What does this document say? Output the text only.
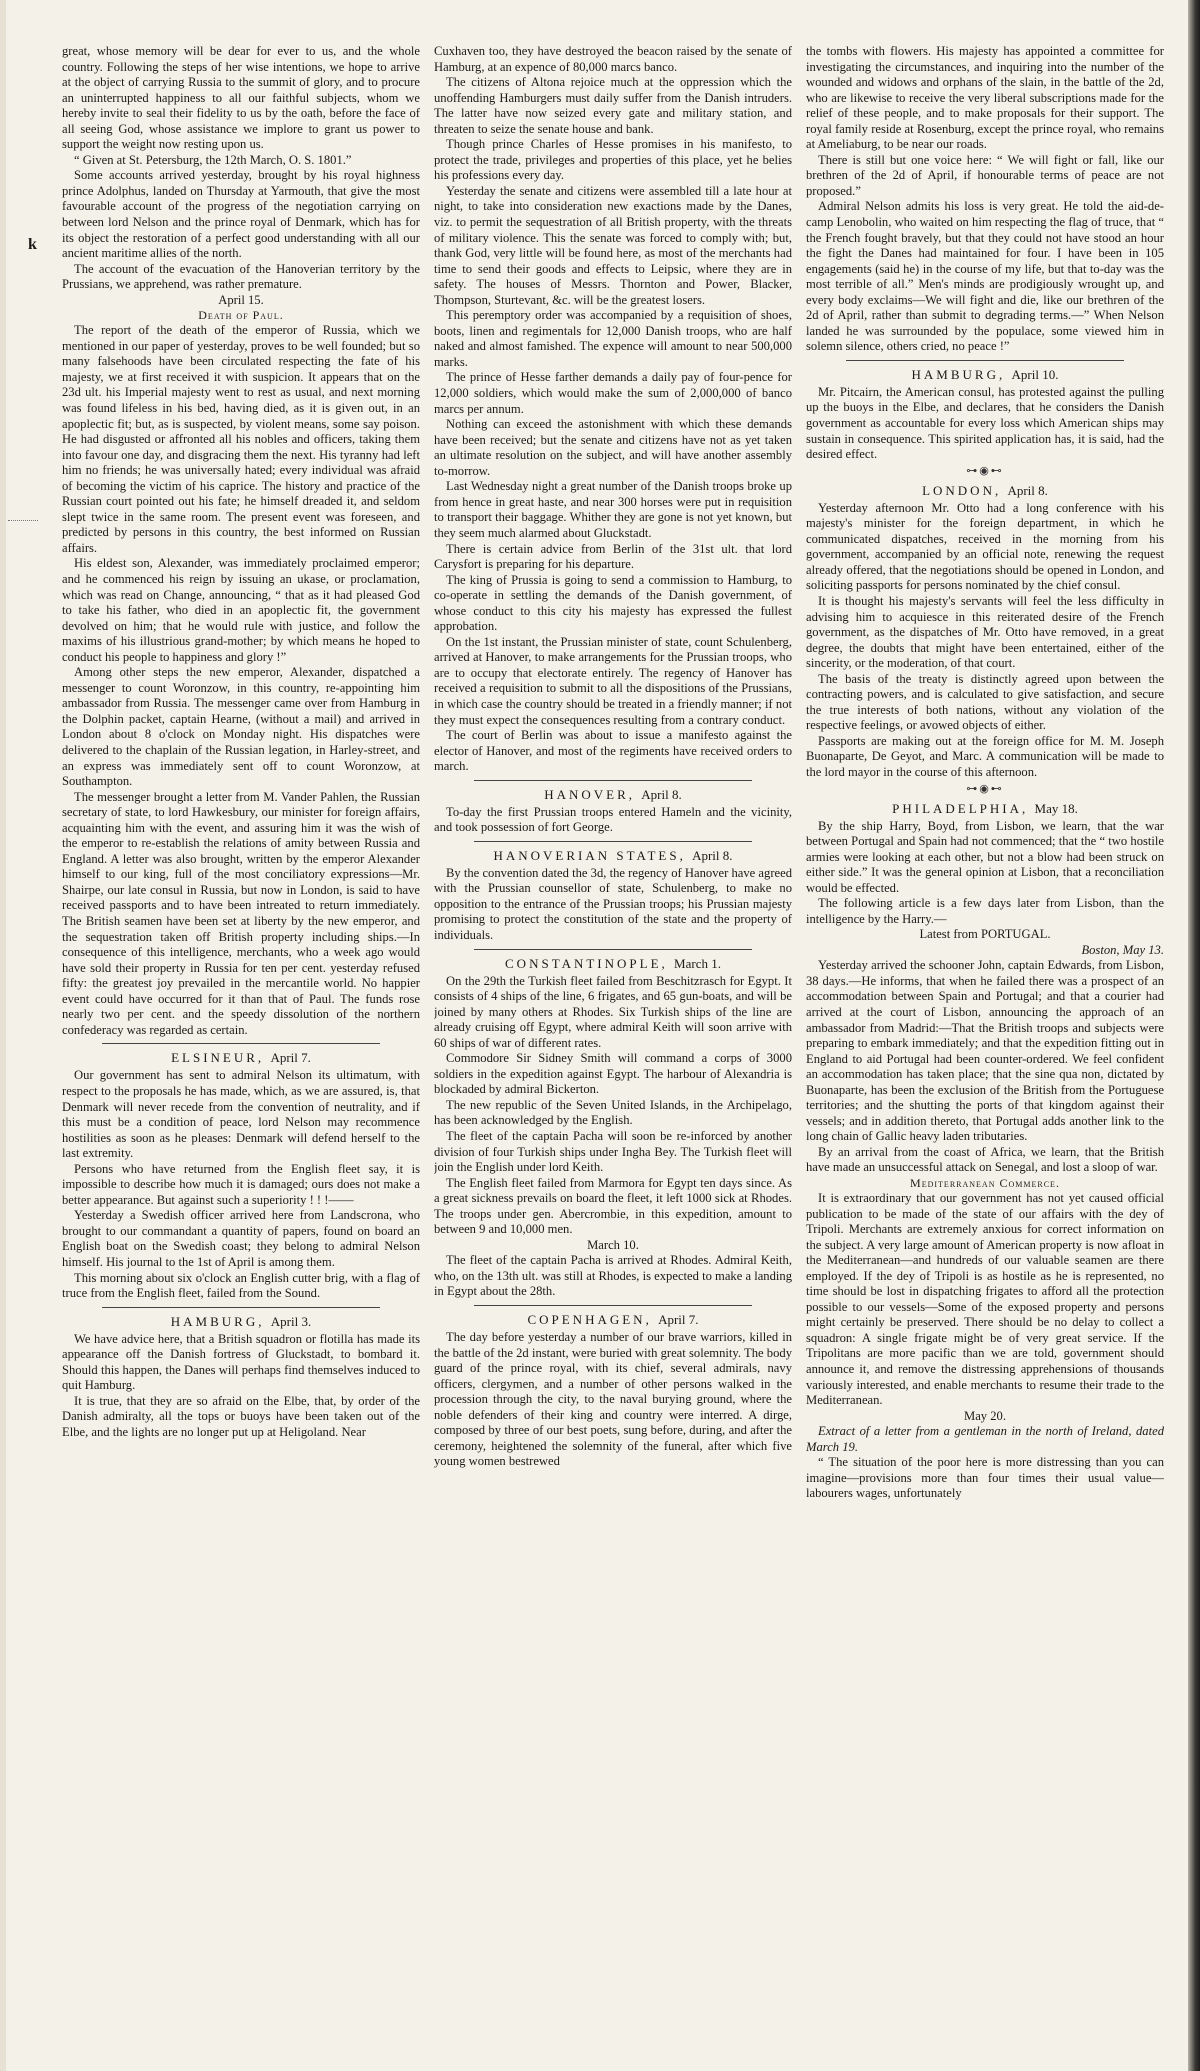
k

great, whose memory will be dear for ever to us, and the whole country. Following the steps of her wise intentions, we hope to arrive at the object of carrying Russia to the summit of glory, and to procure an uninterrupted happiness to all our faithful subjects, whom we hereby invite to seal their fidelity to us by the oath, before the face of all seeing God, whose assistance we implore to grant us power to support the weight now resting upon us.

“ Given at St. Petersburg, the 12th March, O. S. 1801.”

Some accounts arrived yesterday, brought by his royal highness prince Adolphus, landed on Thursday at Yarmouth, that give the most favourable account of the progress of the negotiation carrying on between lord Nelson and the prince royal of Denmark, which has for its object the restoration of a perfect good understanding with all our ancient maritime allies of the north.

The account of the evacuation of the Hanoverian territory by the Prussians, we apprehend, was rather premature.

April 15.
Death of Paul.

The report of the death of the emperor of Russia, which we mentioned in our paper of yesterday, proves to be well founded; but so many falsehoods have been circulated respecting the fate of his majesty, we at first received it with suspicion. It appears that on the 23d ult. his Imperial majesty went to rest as usual, and next morning was found lifeless in his bed, having died, as it is given out, in an apoplectic fit; but, as is suspected, by violent means, some say poison. He had disgusted or affronted all his nobles and officers, taking them into favour one day, and disgracing them the next. His tyranny had left him no friends; he was universally hated; every individual was afraid of becoming the victim of his caprice. The history and practice of the Russian court pointed out his fate; he himself dreaded it, and seldom slept twice in the same room. The present event was foreseen, and predicted by persons in this country, the best informed on Russian affairs.

His eldest son, Alexander, was immediately proclaimed emperor; and he commenced his reign by issuing an ukase, or proclamation, which was read on Change, announcing, “ that as it had pleased God to take his father, who died in an apoplectic fit, the government devolved on him; that he would rule with justice, and follow the maxims of his illustrious grand-mother; by which means he hoped to conduct his people to happiness and glory !”

Among other steps the new emperor, Alexander, dispatched a messenger to count Woronzow, in this country, re-appointing him ambassador from Russia. The messenger came over from Hamburg in the Dolphin packet, captain Hearne, (without a mail) and arrived in London about 8 o'clock on Monday night. His dispatches were delivered to the chaplain of the Russian legation, in Harley-street, and an express was immediately sent off to count Woronzow, at Southampton.

The messenger brought a letter from M. Vander Pahlen, the Russian secretary of state, to lord Hawkesbury, our minister for foreign affairs, acquainting him with the event, and assuring him it was the wish of the emperor to re-establish the relations of amity between Russia and England. A letter was also brought, written by the emperor Alexander himself to our king, full of the most conciliatory expressions—Mr. Shairpe, our late consul in Russia, but now in London, is said to have received passports and to have been intreated to return immediately. The British seamen have been set at liberty by the new emperor, and the sequestration taken off British property including ships.—In consequence of this intelligence, merchants, who a week ago would have sold their property in Russia for ten per cent. yesterday refused fifty: the greatest joy prevailed in the mercantile world. No happier event could have occurred for it than that of Paul. The funds rose nearly two per cent. and the speedy dissolution of the northern confederacy was regarded as certain.

ELSINEUR, April 7.

Our government has sent to admiral Nelson its ultimatum, with respect to the proposals he has made, which, as we are assured, is, that Denmark will never recede from the convention of neutrality, and if this must be a condition of peace, lord Nelson may recommence hostilities as soon as he pleases: Denmark will defend herself to the last extremity.

Persons who have returned from the English fleet say, it is impossible to describe how much it is damaged; ours does not make a better appearance. But against such a superiority ! ! !——

Yesterday a Swedish officer arrived here from Landscrona, who brought to our commandant a quantity of papers, found on board an English boat on the Swedish coast; they belong to admiral Nelson himself. His journal to the 1st of April is among them.

This morning about six o'clock an English cutter brig, with a flag of truce from the English fleet, failed from the Sound.

HAMBURG, April 3.

We have advice here, that a British squadron or flotilla has made its appearance off the Danish fortress of Gluckstadt, to bombard it. Should this happen, the Danes will perhaps find themselves induced to quit Hamburg.

It is true, that they are so afraid on the Elbe, that, by order of the Danish admiralty, all the tops or buoys have been taken out of the Elbe, and the lights are no longer put up at Heligoland. Near

Cuxhaven too, they have destroyed the beacon raised by the senate of Hamburg, at an expence of 80,000 marcs banco.

The citizens of Altona rejoice much at the oppression which the unoffending Hamburgers must daily suffer from the Danish intruders. The latter have now seized every gate and military station, and threaten to seize the senate house and bank.

Though prince Charles of Hesse promises in his manifesto, to protect the trade, privileges and properties of this place, yet he belies his professions every day.

Yesterday the senate and citizens were assembled till a late hour at night, to take into consideration new exactions made by the Danes, viz. to permit the sequestration of all British property, with the threats of military violence. This the senate was forced to comply with; but, thank God, very little will be found here, as most of the merchants had time to send their goods and effects to Leipsic, where they are in safety. The houses of Messrs. Thornton and Power, Blacker, Thompson, Sturtevant, &c. will be the greatest losers.

This peremptory order was accompanied by a requisition of shoes, boots, linen and regimentals for 12,000 Danish troops, who are half naked and almost famished. The expence will amount to near 500,000 marks.

The prince of Hesse farther demands a daily pay of four-pence for 12,000 soldiers, which would make the sum of 2,000,000 of banco marcs per annum.

Nothing can exceed the astonishment with which these demands have been received; but the senate and citizens have not as yet taken an ultimate resolution on the subject, and will have another assembly to-morrow.

Last Wednesday night a great number of the Danish troops broke up from hence in great haste, and near 300 horses were put in requisition to transport their baggage. Whither they are gone is not yet known, but they seem much alarmed about Gluckstadt.

There is certain advice from Berlin of the 31st ult. that lord Carysfort is preparing for his departure.

The king of Prussia is going to send a commission to Hamburg, to co-operate in settling the demands of the Danish government, of whose conduct to this city his majesty has expressed the fullest approbation.

On the 1st instant, the Prussian minister of state, count Schulenberg, arrived at Hanover, to make arrangements for the Prussian troops, who are to occupy that electorate entirely. The regency of Hanover has received a requisition to submit to all the dispositions of the Prussians, in which case the country should be treated in a friendly manner; if not they must expect the consequences resulting from a contrary conduct.

The court of Berlin was about to issue a manifesto against the elector of Hanover, and most of the regiments have received orders to march.

HANOVER, April 8.

To-day the first Prussian troops entered Hameln and the vicinity, and took possession of fort George.

HANOVERIAN STATES, April 8.

By the convention dated the 3d, the regency of Hanover have agreed with the Prussian counsellor of state, Schulenberg, to make no opposition to the entrance of the Prussian troops; his Prussian majesty promising to protect the constitution of the state and the property of individuals.

CONSTANTINOPLE, March 1.

On the 29th the Turkish fleet failed from Beschitzrasch for Egypt. It consists of 4 ships of the line, 6 frigates, and 65 gun-boats, and will be joined by many others at Rhodes. Six Turkish ships of the line are already cruising off Egypt, where admiral Keith will soon arrive with 60 ships of war of different rates.

Commodore Sir Sidney Smith will command a corps of 3000 soldiers in the expedition against Egypt. The harbour of Alexandria is blockaded by admiral Bickerton.

The new republic of the Seven United Islands, in the Archipelago, has been acknowledged by the English.

The fleet of the captain Pacha will soon be re-inforced by another division of four Turkish ships under Ingha Bey. The Turkish fleet will join the English under lord Keith.

The English fleet failed from Marmora for Egypt ten days since. As a great sickness prevails on board the fleet, it left 1000 sick at Rhodes. The troops under gen. Abercrombie, in this expedition, amount to between 9 and 10,000 men.

March 10.

The fleet of the captain Pacha is arrived at Rhodes. Admiral Keith, who, on the 13th ult. was still at Rhodes, is expected to make a landing in Egypt about the 28th.

COPENHAGEN, April 7.

The day before yesterday a number of our brave warriors, killed in the battle of the 2d instant, were buried with great solemnity. The body guard of the prince royal, with its chief, several admirals, navy officers, clergymen, and a number of other persons walked in the procession through the city, to the naval burying ground, where the noble defenders of their king and country were interred. A dirge, composed by three of our best poets, sung before, during, and after the ceremony, heightened the solemnity of the funeral, after which five young women bestrewed

the tombs with flowers. His majesty has appointed a committee for investigating the circumstances, and inquiring into the number of the wounded and widows and orphans of the slain, in the battle of the 2d, who are likewise to receive the very liberal subscriptions made for the relief of these people, and to make proposals for their support. The royal family reside at Rosenburg, except the prince royal, who remains at Ameliaburg, to be near our roads.

There is still but one voice here: “ We will fight or fall, like our brethren of the 2d of April, if honourable terms of peace are not proposed.”

Admiral Nelson admits his loss is very great. He told the aid-de-camp Lenobolin, who waited on him respecting the flag of truce, that “ the French fought bravely, but that they could not have stood an hour the fight the Danes had maintained for four. I have been in 105 engagements (said he) in the course of my life, but that to-day was the most terrible of all.” Men's minds are prodigiously wrought up, and every body exclaims—We will fight and die, like our brethren of the 2d of April, rather than submit to degrading terms.—” When Nelson landed he was surrounded by the populace, some viewed him in solemn silence, others cried, no peace !”

HAMBURG, April 10.

Mr. Pitcairn, the American consul, has protested against the pulling up the buoys in the Elbe, and declares, that he considers the Danish government as accountable for every loss which American ships may sustain in consequence. This spirited application has, it is said, had the desired effect.

⊶◉⊷
LONDON, April 8.

Yesterday afternoon Mr. Otto had a long conference with his majesty's minister for the foreign department, in which he communicated dispatches, received in the morning from his government, accompanied by an official note, renewing the request already offered, that the negotiations should be opened in London, and soliciting passports for persons nominated by the chief consul.

It is thought his majesty's servants will feel the less difficulty in advising him to acquiesce in this reiterated desire of the French government, as the dispatches of Mr. Otto have removed, in a great degree, the doubts that might have been entertained, either of the sincerity, or the moderation, of that court.

The basis of the treaty is distinctly agreed upon between the contracting powers, and is calculated to give satisfaction, and secure the true interests of both nations, without any violation of the respective feelings, or avowed objects of either.

Passports are making out at the foreign office for M. M. Joseph Buonaparte, De Geyot, and Marc. A communication will be made to the lord mayor in the course of this afternoon.

⊶◉⊷
PHILADELPHIA, May 18.

By the ship Harry, Boyd, from Lisbon, we learn, that the war between Portugal and Spain had not commenced; that the “ two hostile armies were looking at each other, but not a blow had been struck on either side.” It was the general opinion at Lisbon, that a reconciliation would be effected.

The following article is a few days later from Lisbon, than the intelligence by the Harry.—

Latest from PORTUGAL.
Boston, May 13.

Yesterday arrived the schooner John, captain Edwards, from Lisbon, 38 days.—He informs, that when he failed there was a prospect of an accommodation between Spain and Portugal; and that a courier had arrived at the court of Lisbon, announcing the approach of an ambassador from Madrid:—That the British troops and subjects were preparing to embark immediately; and that the expedition fitting out in England to aid Portugal had been counter-ordered. We feel confident an accommodation has taken place; that the sine qua non, dictated by Buonaparte, has been the exclusion of the British from the Portuguese territories; and the shutting the ports of that kingdom against their vessels; and in addition thereto, that Portugal adds another link to the long chain of Gallic heavy laden tributaries.

By an arrival from the coast of Africa, we learn, that the British have made an unsuccessful attack on Senegal, and lost a sloop of war.

Mediterranean Commerce.

It is extraordinary that our government has not yet caused official publication to be made of the state of our affairs with the dey of Tripoli. Merchants are extremely anxious for correct information on the subject. A very large amount of American property is now afloat in the Mediterranean—and hundreds of our valuable seamen are there employed. If the dey of Tripoli is as hostile as he is represented, no time should be lost in dispatching frigates to afford all the protection possible to our vessels—Some of the exposed property and persons might certainly be preserved. There should be no delay to collect a squadron: A single frigate might be of very great service. If the Tripolitans are more pacific than we are told, government should announce it, and remove the distressing apprehensions of thousands variously interested, and enable merchants to resume their trade to the Mediterranean.

May 20.

Extract of a letter from a gentleman in the north of Ireland, dated March 19.

“ The situation of the poor here is more distressing than you can imagine—provisions more than four times their usual value—labourers wages, unfortunately
